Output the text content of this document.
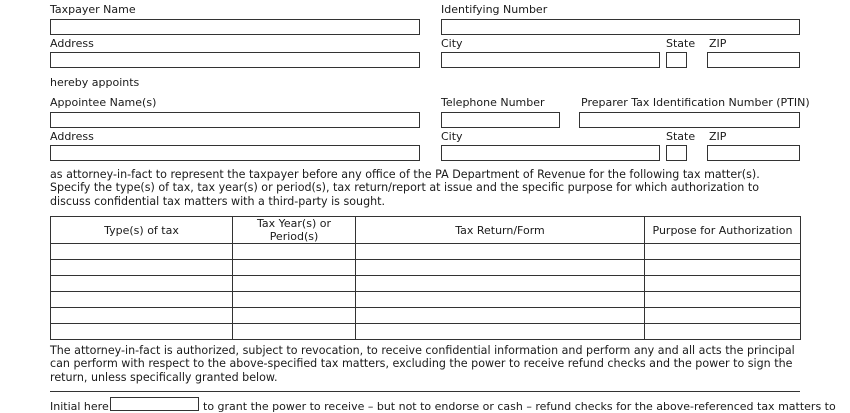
Taxpayer Name	Identifying Number
Address	City	State ZIP
hereby appoints
Appointee Name(s)	Telephone Number	Preparer Tax Identification Number (PTIN)
Address	City	State ZIP
as attorney-in-fact to represent the taxpayer before any office of the PA Department of Revenue for the following tax matter(s). Specify the type(s) of tax, tax year(s) or period(s), tax return/report at issue and the specific purpose for which authorization to discuss confidential tax matters with a third-party is sought.
Type(s) of tax	Tax Year(s) or Period(s)	Tax Return/Form	Purpose for Authorization

The attorney-in-fact is authorized, subject to revocation, to receive confidential information and perform any and all acts the principal can perform with respect to the above-specified tax matters, excluding the power to receive refund checks and the power to sign the return, unless specifically granted below.
Initial here	to grant the power to receive – but not to endorse or cash – refund checks for the above-referenced tax matters to
